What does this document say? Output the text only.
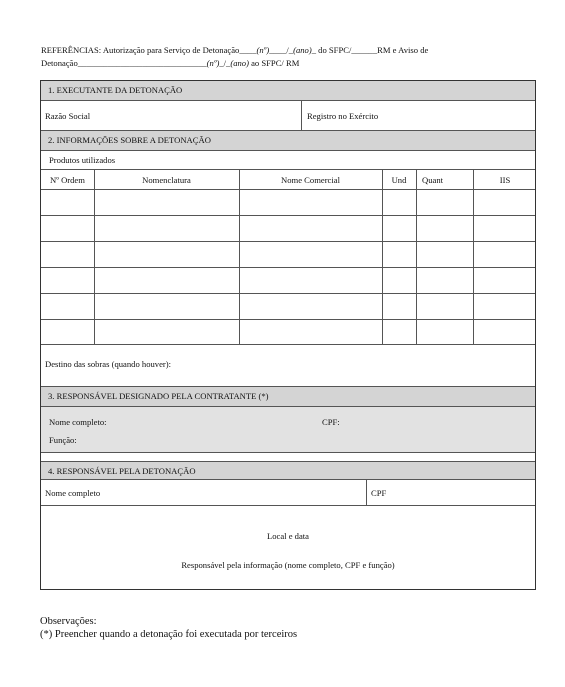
REFERÊNCIAS: Autorização para Serviço de Detonação____(nº)____/_(ano)_ do SFPC/______RM e Aviso de
Detonação______________________________(nº)_/_(ano) ao SFPC/ RM
1. EXECUTANTE DA DETONAÇÃO
Razão Social	Registro no Exército
2. INFORMAÇÕES SOBRE A DETONAÇÃO
Produtos utilizados
Nº Ordem	Nomenclatura	Nome Comercial	Und	Quant	IIS
Destino das sobras (quando houver):
3. RESPONSÁVEL DESIGNADO PELA CONTRATANTE (*)
Nome completo:	CPF:
Função:
4. RESPONSÁVEL PELA DETONAÇÃO
Nome completo	CPF
Local e data
Responsável pela informação (nome completo, CPF e função)
Observações:
(*) Preencher quando a detonação foi executada por terceiros
